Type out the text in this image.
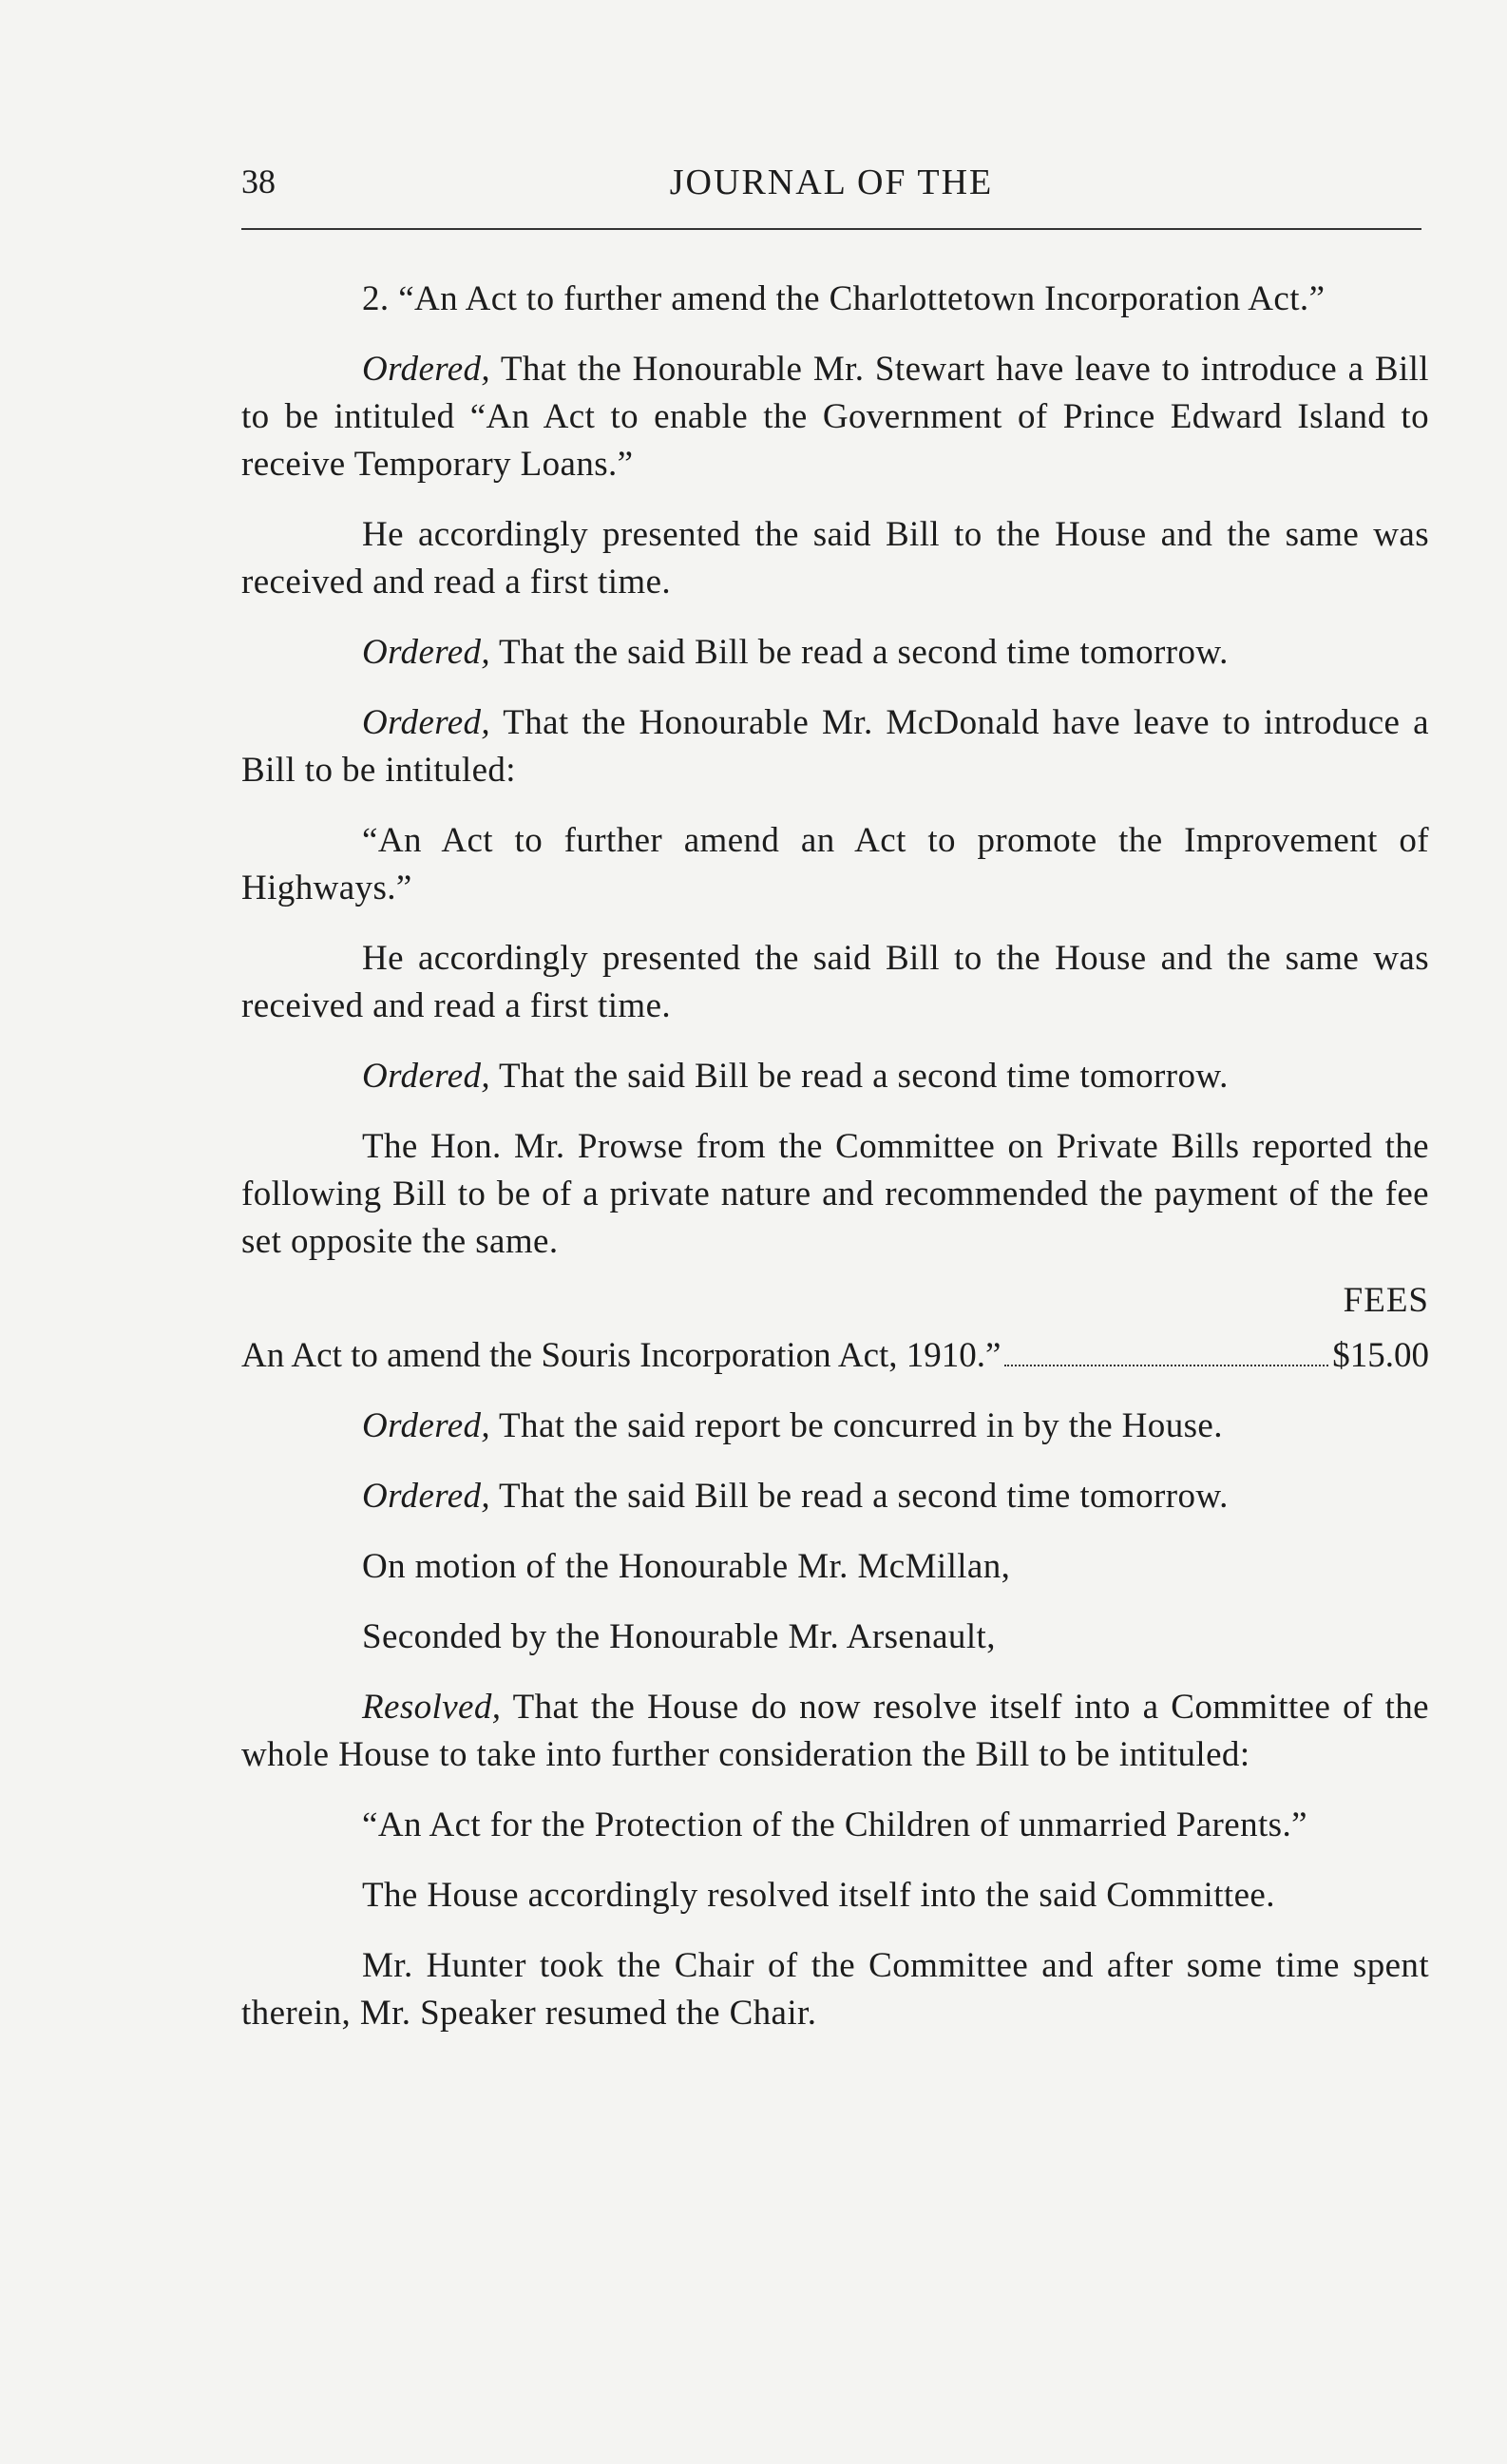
38	JOURNAL OF THE

2. “An Act to further amend the Charlottetown Incorporation Act.”

Ordered, That the Honourable Mr. Stewart have leave to introduce a Bill to be intituled “An Act to enable the Government of Prince Edward Island to receive Temporary Loans.”

He accordingly presented the said Bill to the House and the same was received and read a first time.

Ordered, That the said Bill be read a second time tomorrow.

Ordered, That the Honourable Mr. McDonald have leave to introduce a Bill to be intituled:

“An Act to further amend an Act to promote the Improvement of Highways.”

He accordingly presented the said Bill to the House and the same was received and read a first time.

Ordered, That the said Bill be read a second time tomorrow.

The Hon. Mr. Prowse from the Committee on Private Bills reported the following Bill to be of a private nature and recommended the payment of the fee set opposite the same.

FEES
An Act to amend the Souris Incorporation Act, 1910.”	$15.00

Ordered, That the said report be concurred in by the House.

Ordered, That the said Bill be read a second time tomorrow.

On motion of the Honourable Mr. McMillan,

Seconded by the Honourable Mr. Arsenault,

Resolved, That the House do now resolve itself into a Committee of the whole House to take into further consideration the Bill to be intituled:

“An Act for the Protection of the Children of unmarried Parents.”

The House accordingly resolved itself into the said Committee.

Mr. Hunter took the Chair of the Committee and after some time spent therein, Mr. Speaker resumed the Chair.
